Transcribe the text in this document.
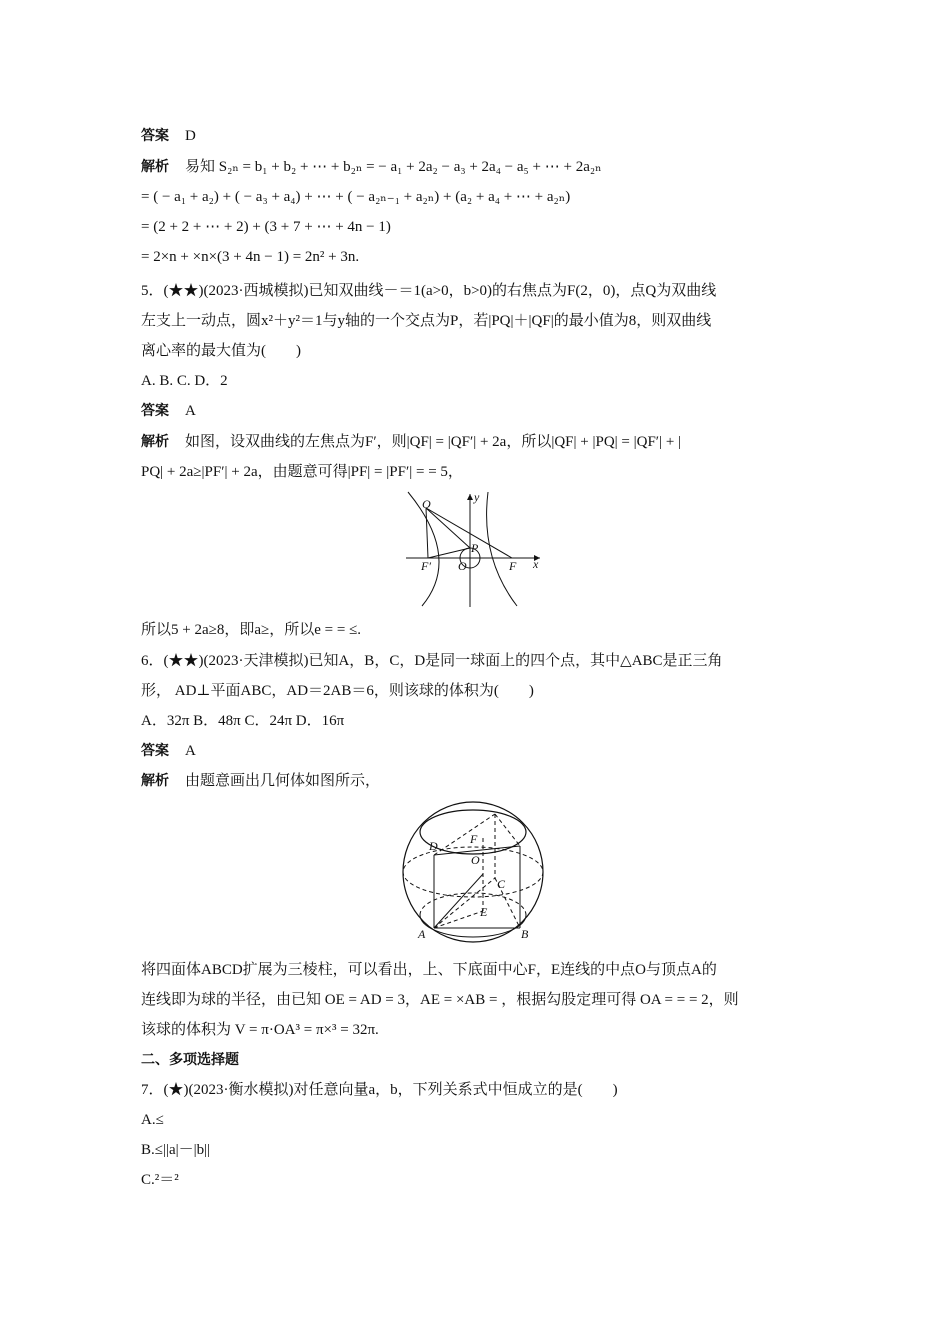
答案 D
解析 易知 S₂ₙ = b₁ + b₂ + ⋯ + b₂ₙ = − a₁ + 2a₂ − a₃ + 2a₄ − a₅ + ⋯ + 2a₂ₙ
= ( − a₁ + a₂) + ( − a₃ + a₄) + ⋯ + ( − a₂ₙ₋₁ + a₂ₙ) + (a₂ + a₄ + ⋯ + a₂ₙ)
= (2 + 2 + ⋯ + 2) + (3 + 7 + ⋯ + 4n − 1)
= 2×n + ×n×(3 + 4n − 1) = 2n² + 3n.
5．(★★)(2023·西城模拟)已知双曲线－＝1(a>0，b>0)的右焦点为F(2，0)，点Q为双曲线
左支上一动点，圆x²＋y²＝1与y轴的一个交点为P，若|PQ|＋|QF|的最小值为8，则双曲线
离心率的最大值为(　　)
A. B. C. D．2
答案 A
解析 如图，设双曲线的左焦点为F′，则|QF| = |QF′| + 2a，所以|QF| + |PQ| = |QF′| + |
PQ| + 2a≥|PF′| + 2a，由题意可得|PF| = |PF′| = = 5，
Q	y
P
F′ O	F x
所以5 + 2a≥8，即a≥，所以e = = ≤.
6．(★★)(2023·天津模拟)已知A，B，C，D是同一球面上的四个点，其中△ABC是正三角
形， AD⊥平面ABC，AD＝2AB＝6，则该球的体积为(　　)
A．32π B．48π C．24π D．16π
答案 A
解析 由题意画出几何体如图所示，
D	F
O
C
E
A	B
将四面体ABCD扩展为三棱柱，可以看出，上、下底面中心F，E连线的中点O与顶点A的
连线即为球的半径，由已知 OE = AD = 3，AE = ×AB = ，根据勾股定理可得 OA = = = 2，则
该球的体积为 V = π·OA³ = π×³ = 32π.
二、多项选择题
7．(★)(2023·衡水模拟)对任意向量a，b，下列关系式中恒成立的是(　　)
A.≤
B.≤||a|－|b||
C.²＝²
